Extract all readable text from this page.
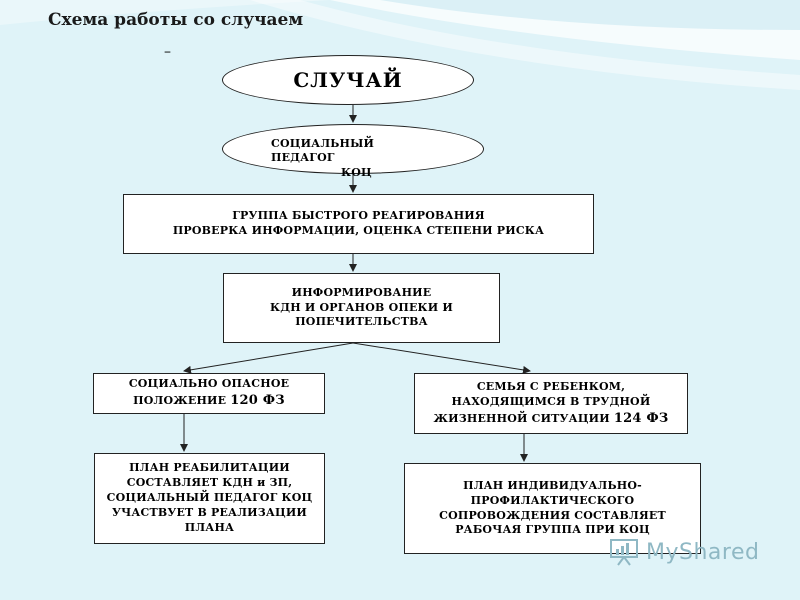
Схема работы со случаем
–
СЛУЧАЙ
СОЦИАЛЬНЫЙ
ПЕДАГОГ
КОЦ
ГРУППА БЫСТРОГО РЕАГИРОВАНИЯ
ПРОВЕРКА ИНФОРМАЦИИ, ОЦЕНКА СТЕПЕНИ РИСКА
ИНФОРМИРОВАНИЕ
КДН И ОРГАНОВ ОПЕКИ И
ПОПЕЧИТЕЛЬСТВА
СОЦИАЛЬНО ОПАСНОЕ
ПОЛОЖЕНИЕ 120 ФЗ
СЕМЬЯ С РЕБЕНКОМ,
НАХОДЯЩИМСЯ В ТРУДНОЙ
ЖИЗНЕННОЙ СИТУАЦИИ 124 ФЗ
ПЛАН РЕАБИЛИТАЦИИ
СОСТАВЛЯЕТ КДН и ЗП,
СОЦИАЛЬНЫЙ ПЕДАГОГ КОЦ
УЧАСТВУЕТ В РЕАЛИЗАЦИИ
ПЛАНА
ПЛАН ИНДИВИДУАЛЬНО-
ПРОФИЛАКТИЧЕСКОГО
СОПРОВОЖДЕНИЯ СОСТАВЛЯЕТ
РАБОЧАЯ ГРУППА ПРИ КОЦ
MyShared
